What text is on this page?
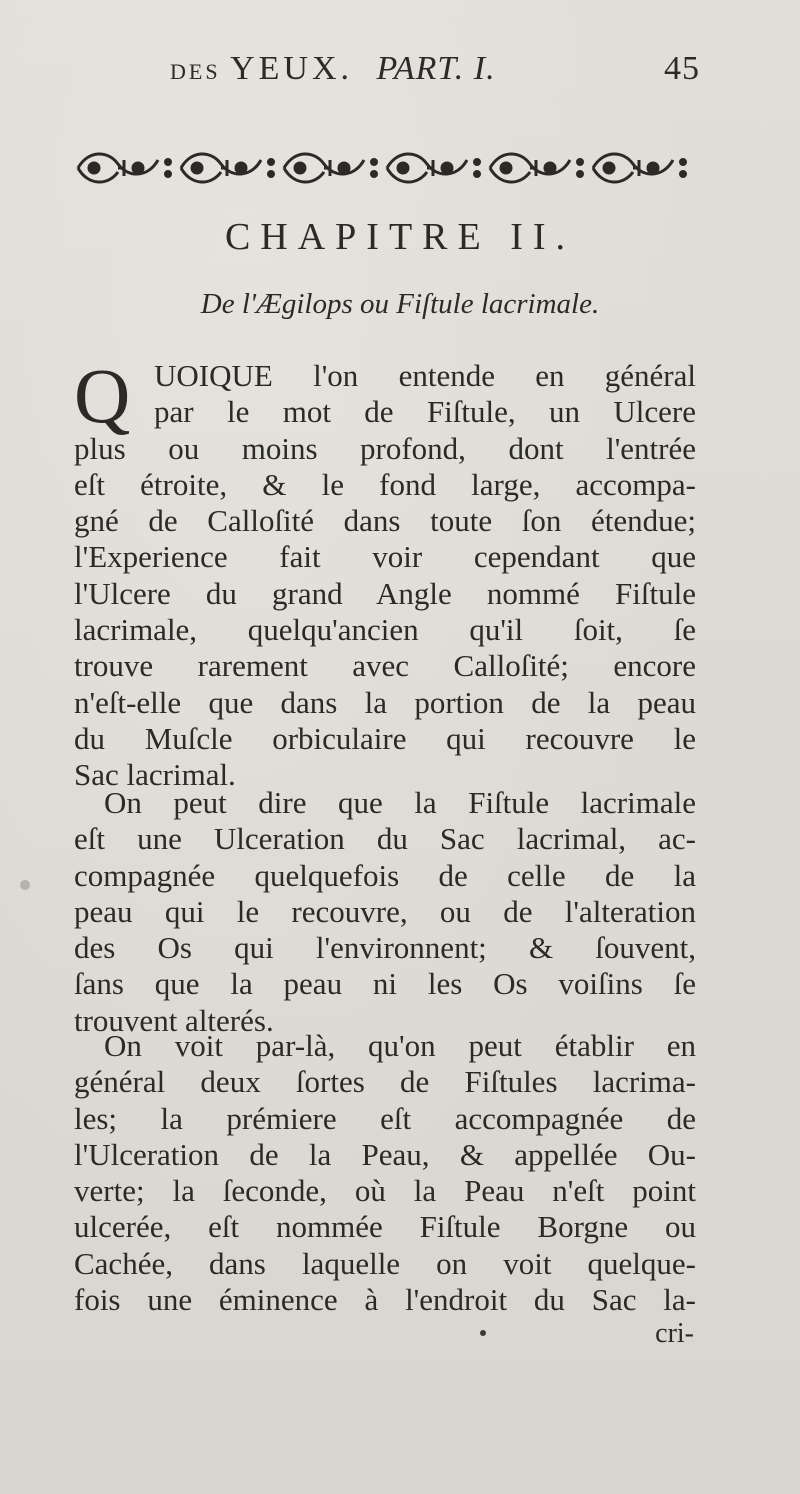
DES YEUX. PART. I.	45
CHAPITRE II.
De l'Ægilops ou Fiſtule lacrimale.
Q UOIQUE l'on entende en général
par le mot de Fiſtule, un Ulcere
plus ou moins profond, dont l'entrée
eſt étroite, & le fond large, accompa-
gné de Calloſité dans toute ſon étendue;
l'Experience fait voir cependant que
l'Ulcere du grand Angle nommé Fiſtule
lacrimale, quelqu'ancien qu'il ſoit, ſe
trouve rarement avec Calloſité; encore
n'eſt-elle que dans la portion de la peau
du Muſcle orbiculaire qui recouvre le
Sac lacrimal.
On peut dire que la Fiſtule lacrimale
eſt une Ulceration du Sac lacrimal, ac-
compagnée quelquefois de celle de la
peau qui le recouvre, ou de l'alteration
des Os qui l'environnent; & ſouvent,
ſans que la peau ni les Os voiſins ſe
trouvent alterés.
On voit par-là, qu'on peut établir en
général deux ſortes de Fiſtules lacrima-
les; la prémiere eſt accompagnée de
l'Ulceration de la Peau, & appellée Ou-
verte; la ſeconde, où la Peau n'eſt point
ulcerée, eſt nommée Fiſtule Borgne ou
Cachée, dans laquelle on voit quelque-
fois une éminence à l'endroit du Sac la-
cri-
